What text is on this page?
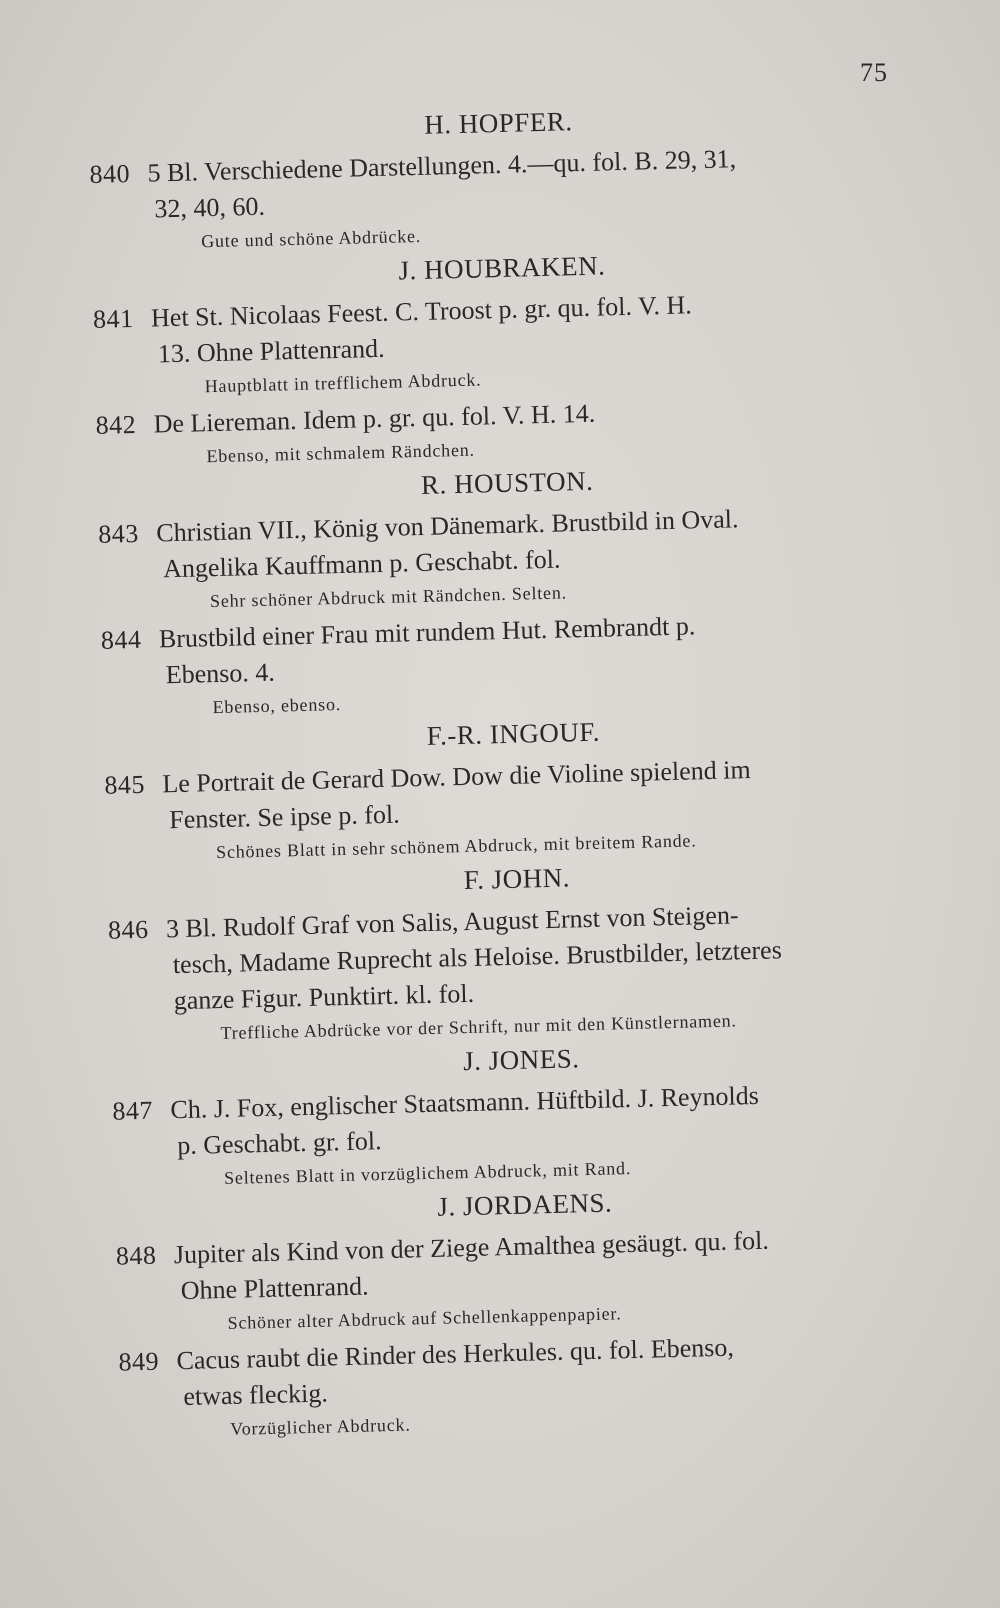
75
H. HOPFER.
840 5 Bl. Verschiedene Darstellungen. 4.—qu. fol. B. 29, 31,
32, 40, 60.
Gute und schöne Abdrücke.
J. HOUBRAKEN.
841 Het St. Nicolaas Feest. C. Troost p. gr. qu. fol. V. H.
13. Ohne Plattenrand.
Hauptblatt in trefflichem Abdruck.
842 De Liereman. Idem p. gr. qu. fol. V. H. 14.
Ebenso, mit schmalem Rändchen.
R. HOUSTON.
843 Christian VII., König von Dänemark. Brustbild in Oval.
Angelika Kauffmann p. Geschabt. fol.
Sehr schöner Abdruck mit Rändchen. Selten.
844 Brustbild einer Frau mit rundem Hut. Rembrandt p.
Ebenso. 4.
Ebenso, ebenso.
F.-R. INGOUF.
845 Le Portrait de Gerard Dow. Dow die Violine spielend im
Fenster. Se ipse p. fol.
Schönes Blatt in sehr schönem Abdruck, mit breitem Rande.
F. JOHN.
846 3 Bl. Rudolf Graf von Salis, August Ernst von Steigen-
tesch, Madame Ruprecht als Heloise. Brustbilder, letzteres
ganze Figur. Punktirt. kl. fol.
Treffliche Abdrücke vor der Schrift, nur mit den Künstlernamen.
J. JONES.
847 Ch. J. Fox, englischer Staatsmann. Hüftbild. J. Reynolds
p. Geschabt. gr. fol.
Seltenes Blatt in vorzüglichem Abdruck, mit Rand.
J. JORDAENS.
848 Jupiter als Kind von der Ziege Amalthea gesäugt. qu. fol.
Ohne Plattenrand.
Schöner alter Abdruck auf Schellenkappenpapier.
849 Cacus raubt die Rinder des Herkules. qu. fol. Ebenso,
etwas fleckig.
Vorzüglicher Abdruck.
